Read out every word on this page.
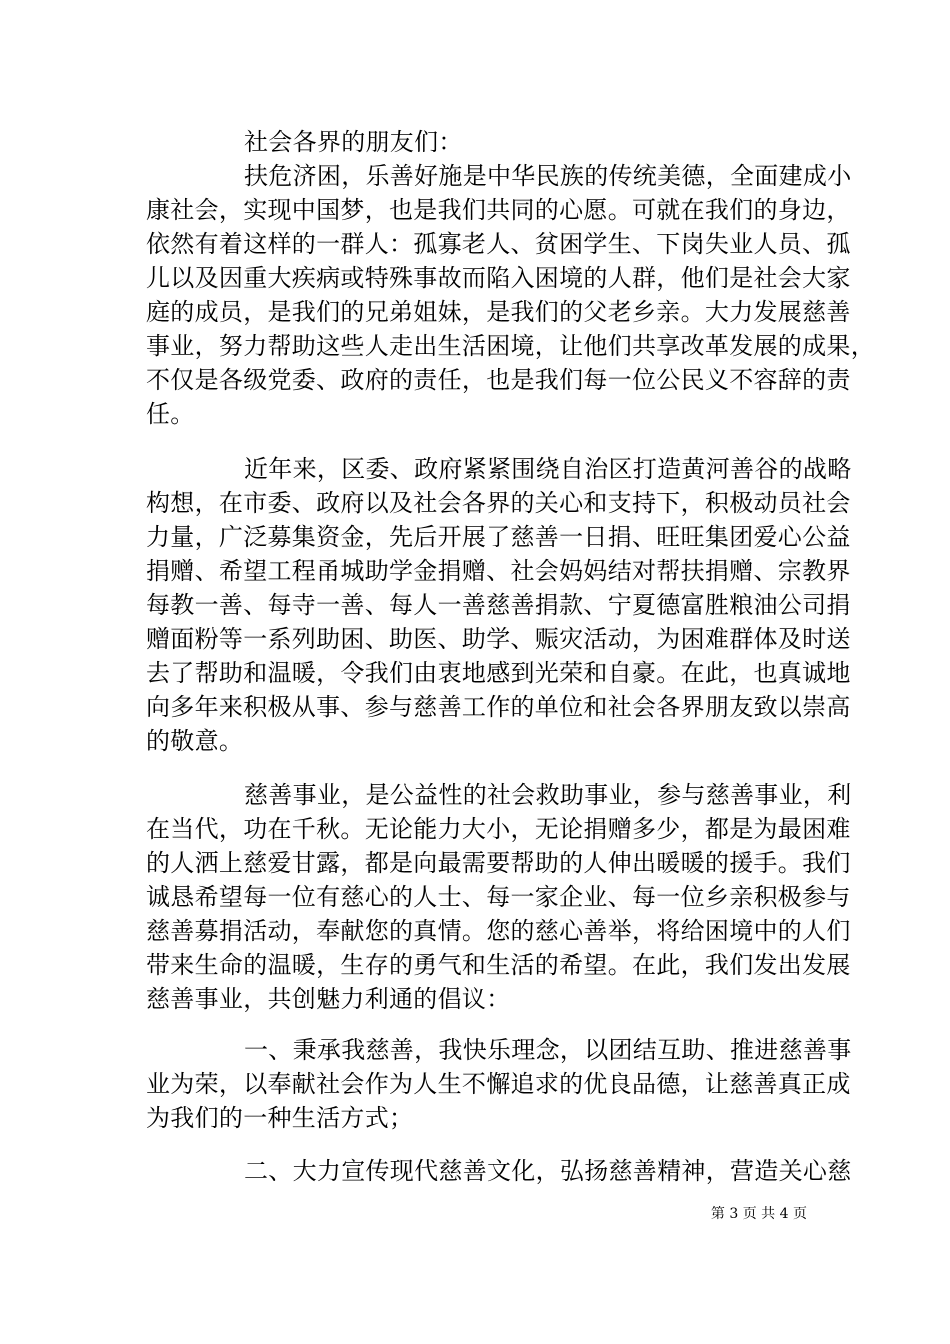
社会各界的朋友们：
扶危济困，乐善好施是中华民族的传统美德，全面建成小
康社会，实现中国梦，也是我们共同的心愿。可就在我们的身边，
依然有着这样的一群人：孤寡老人、贫困学生、下岗失业人员、孤
儿以及因重大疾病或特殊事故而陷入困境的人群，他们是社会大家
庭的成员，是我们的兄弟姐妹，是我们的父老乡亲。大力发展慈善
事业，努力帮助这些人走出生活困境，让他们共享改革发展的成果，
不仅是各级党委、政府的责任，也是我们每一位公民义不容辞的责
任。
近年来，区委、政府紧紧围绕自治区打造黄河善谷的战略
构想，在市委、政府以及社会各界的关心和支持下，积极动员社会
力量，广泛募集资金，先后开展了慈善一日捐、旺旺集团爱心公益
捐赠、希望工程甬城助学金捐赠、社会妈妈结对帮扶捐赠、宗教界
每教一善、每寺一善、每人一善慈善捐款、宁夏德富胜粮油公司捐
赠面粉等一系列助困、助医、助学、赈灾活动，为困难群体及时送
去了帮助和温暖，令我们由衷地感到光荣和自豪。在此，也真诚地
向多年来积极从事、参与慈善工作的单位和社会各界朋友致以崇高
的敬意。
慈善事业，是公益性的社会救助事业，参与慈善事业，利
在当代，功在千秋。无论能力大小，无论捐赠多少，都是为最困难
的人洒上慈爱甘露，都是向最需要帮助的人伸出暖暖的援手。我们
诚恳希望每一位有慈心的人士、每一家企业、每一位乡亲积极参与
慈善募捐活动，奉献您的真情。您的慈心善举，将给困境中的人们
带来生命的温暖，生存的勇气和生活的希望。在此，我们发出发展
慈善事业，共创魅力利通的倡议：
一、秉承我慈善，我快乐理念，以团结互助、推进慈善事
业为荣，以奉献社会作为人生不懈追求的优良品德，让慈善真正成
为我们的一种生活方式；
二、大力宣传现代慈善文化，弘扬慈善精神，营造关心慈
第 3 页 共 4 页
